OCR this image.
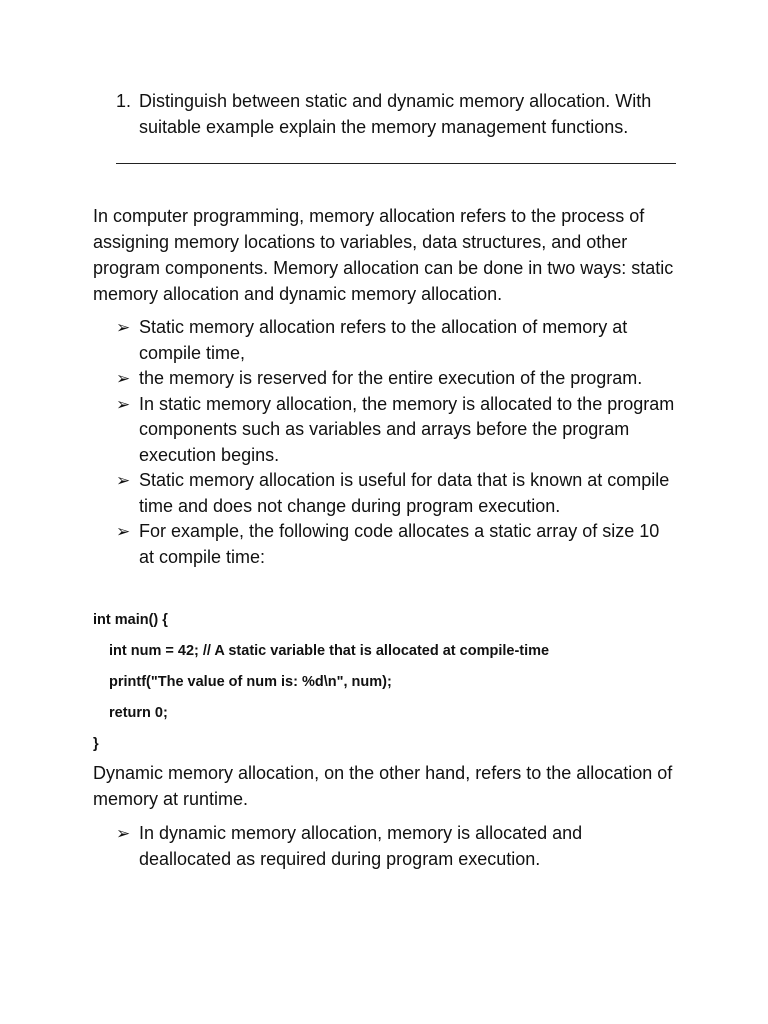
1. Distinguish between static and dynamic memory allocation. With suitable example explain the memory management functions.

In computer programming, memory allocation refers to the process of assigning memory locations to variables, data structures, and other program components. Memory allocation can be done in two ways: static memory allocation and dynamic memory allocation.

➢ Static memory allocation refers to the allocation of memory at compile time,
➢ the memory is reserved for the entire execution of the program.
➢ In static memory allocation, the memory is allocated to the program components such as variables and arrays before the program execution begins.
➢ Static memory allocation is useful for data that is known at compile time and does not change during program execution.
➢ For example, the following code allocates a static array of size 10 at compile time:
int main() {
int num = 42; // A static variable that is allocated at compile-time
printf("The value of num is: %d\n", num);
return 0;
}

Dynamic memory allocation, on the other hand, refers to the allocation of memory at runtime.

➢ In dynamic memory allocation, memory is allocated and deallocated as required during program execution.
